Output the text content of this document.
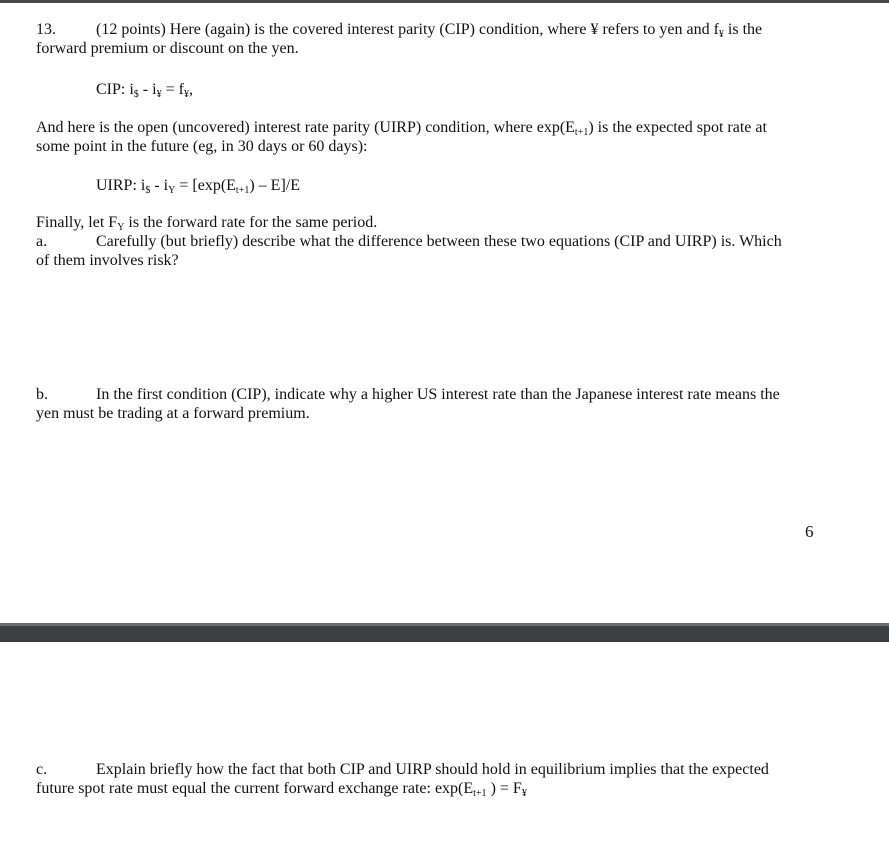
13.	(12 points) Here (again) is the covered interest parity (CIP) condition, where ¥ refers to yen and $f_¥$ is the
forward premium or discount on the yen.
CIP: $i_{\$} - i_¥ = f_¥$,
And here is the open (uncovered) interest rate parity (UIRP) condition, where $\exp(E_{t+1})$ is the expected spot rate at
some point in the future (eg, in 30 days or 60 days):
UIRP: $i_{\$} - i_Y = [\exp(E_{t+1}) - E]/E$
Finally, let $F_Y$ is the forward rate for the same period.
a.	Carefully (but briefly) describe what the difference between these two equations (CIP and UIRP) is. Which
of them involves risk?
b.	In the first condition (CIP), indicate why a higher US interest rate than the Japanese interest rate means the
yen must be trading at a forward premium.
6
c.	Explain briefly how the fact that both CIP and UIRP should hold in equilibrium implies that the expected
future spot rate must equal the current forward exchange rate: $\exp(E_{t+1}$ ) = $F_¥$
